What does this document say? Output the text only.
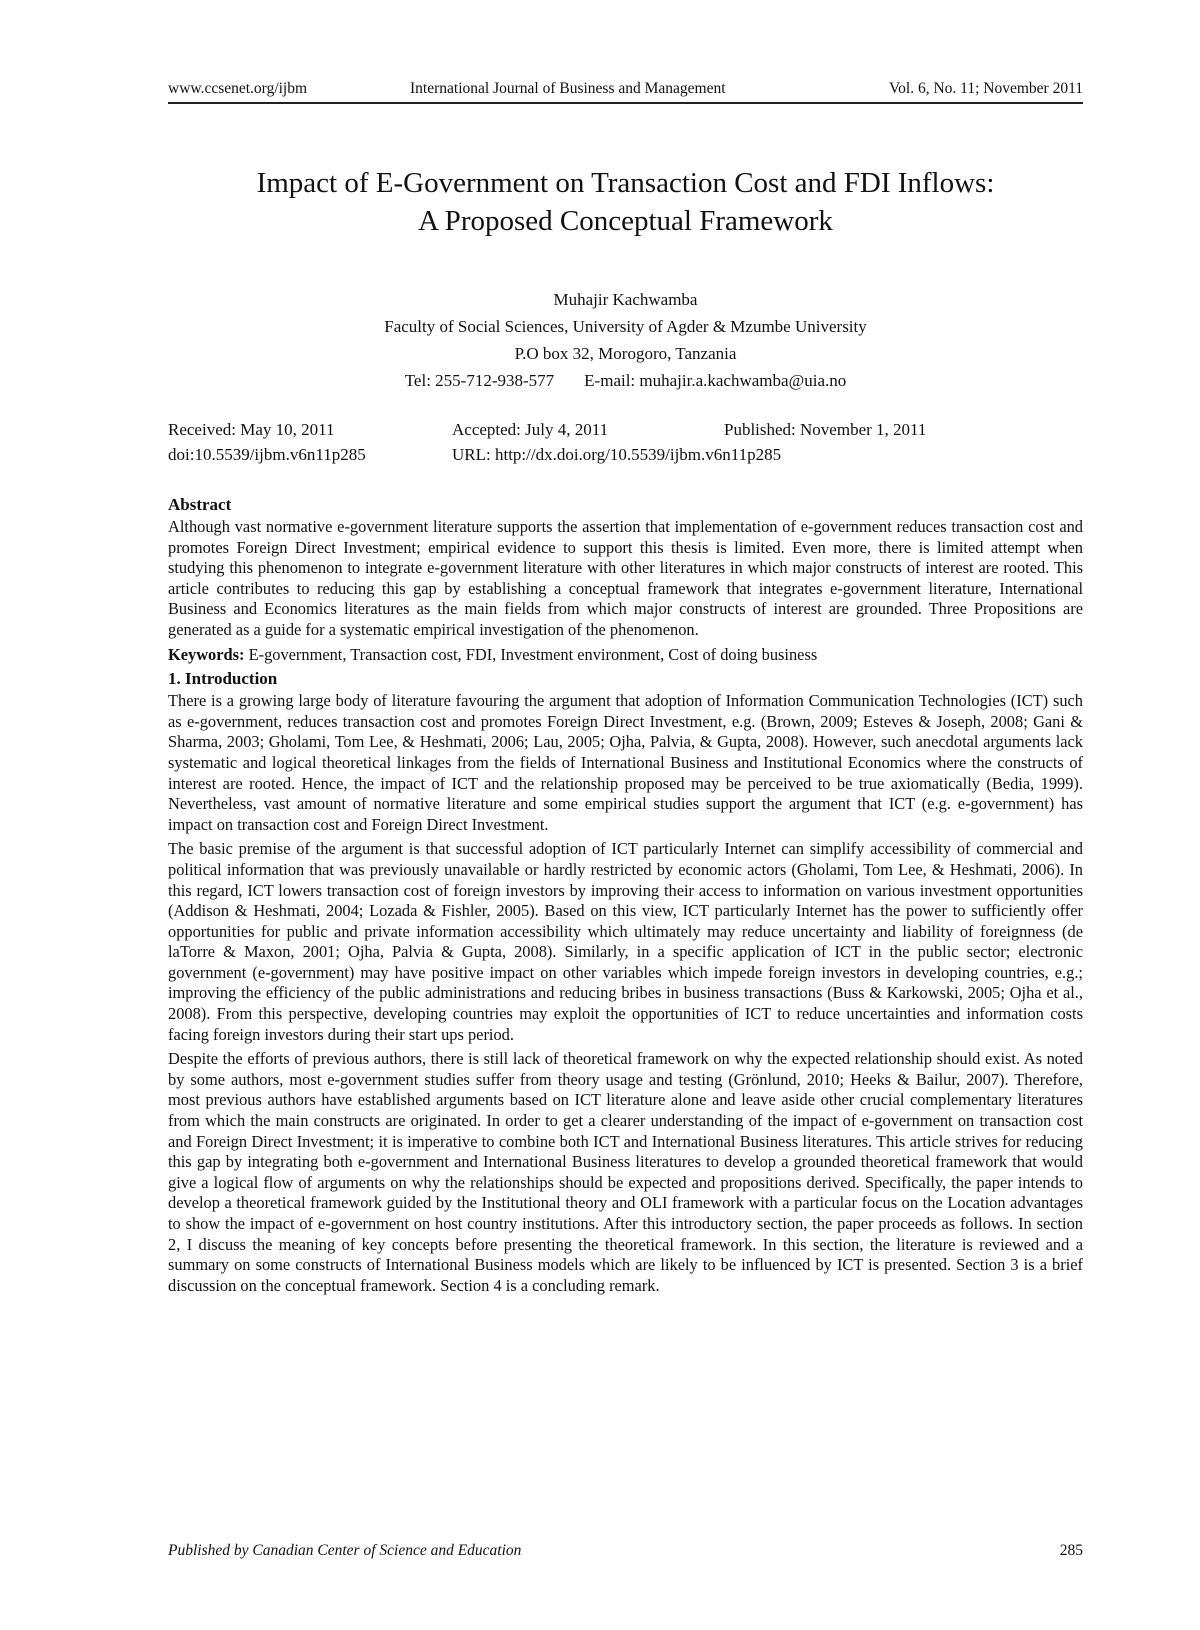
www.ccsenet.org/ijbm	International Journal of Business and Management	Vol. 6, No. 11; November 2011
Impact of E-Government on Transaction Cost and FDI Inflows:
A Proposed Conceptual Framework
Muhajir Kachwamba
Faculty of Social Sciences, University of Agder & Mzumbe University
P.O box 32, Morogoro, Tanzania
Tel: 255-712-938-577 E-mail: muhajir.a.kachwamba@uia.no
Received: May 10, 2011	Accepted: July 4, 2011	Published: November 1, 2011
doi:10.5539/ijbm.v6n11p285	URL: http://dx.doi.org/10.5539/ijbm.v6n11p285
Abstract

Although vast normative e-government literature supports the assertion that implementation of e-government reduces transaction cost and promotes Foreign Direct Investment; empirical evidence to support this thesis is limited. Even more, there is limited attempt when studying this phenomenon to integrate e-government literature with other literatures in which major constructs of interest are rooted. This article contributes to reducing this gap by establishing a conceptual framework that integrates e-government literature, International Business and Economics literatures as the main fields from which major constructs of interest are grounded. Three Propositions are generated as a guide for a systematic empirical investigation of the phenomenon.

Keywords: E-government, Transaction cost, FDI, Investment environment, Cost of doing business

1. Introduction

There is a growing large body of literature favouring the argument that adoption of Information Communication Technologies (ICT) such as e-government, reduces transaction cost and promotes Foreign Direct Investment, e.g. (Brown, 2009; Esteves & Joseph, 2008; Gani & Sharma, 2003; Gholami, Tom Lee, & Heshmati, 2006; Lau, 2005; Ojha, Palvia, & Gupta, 2008). However, such anecdotal arguments lack systematic and logical theoretical linkages from the fields of International Business and Institutional Economics where the constructs of interest are rooted. Hence, the impact of ICT and the relationship proposed may be perceived to be true axiomatically (Bedia, 1999). Nevertheless, vast amount of normative literature and some empirical studies support the argument that ICT (e.g. e-government) has impact on transaction cost and Foreign Direct Investment.

The basic premise of the argument is that successful adoption of ICT particularly Internet can simplify accessibility of commercial and political information that was previously unavailable or hardly restricted by economic actors (Gholami, Tom Lee, & Heshmati, 2006). In this regard, ICT lowers transaction cost of foreign investors by improving their access to information on various investment opportunities (Addison & Heshmati, 2004; Lozada & Fishler, 2005). Based on this view, ICT particularly Internet has the power to sufficiently offer opportunities for public and private information accessibility which ultimately may reduce uncertainty and liability of foreignness (de laTorre & Maxon, 2001; Ojha, Palvia & Gupta, 2008). Similarly, in a specific application of ICT in the public sector; electronic government (e-government) may have positive impact on other variables which impede foreign investors in developing countries, e.g.; improving the efficiency of the public administrations and reducing bribes in business transactions (Buss & Karkowski, 2005; Ojha et al., 2008). From this perspective, developing countries may exploit the opportunities of ICT to reduce uncertainties and information costs facing foreign investors during their start ups period.

Despite the efforts of previous authors, there is still lack of theoretical framework on why the expected relationship should exist. As noted by some authors, most e-government studies suffer from theory usage and testing (Grönlund, 2010; Heeks & Bailur, 2007). Therefore, most previous authors have established arguments based on ICT literature alone and leave aside other crucial complementary literatures from which the main constructs are originated. In order to get a clearer understanding of the impact of e-government on transaction cost and Foreign Direct Investment; it is imperative to combine both ICT and International Business literatures. This article strives for reducing this gap by integrating both e-government and International Business literatures to develop a grounded theoretical framework that would give a logical flow of arguments on why the relationships should be expected and propositions derived. Specifically, the paper intends to develop a theoretical framework guided by the Institutional theory and OLI framework with a particular focus on the Location advantages to show the impact of e-government on host country institutions. After this introductory section, the paper proceeds as follows. In section 2, I discuss the meaning of key concepts before presenting the theoretical framework. In this section, the literature is reviewed and a summary on some constructs of International Business models which are likely to be influenced by ICT is presented. Section 3 is a brief discussion on the conceptual framework. Section 4 is a concluding remark.

Published by Canadian Center of Science and Education	285
